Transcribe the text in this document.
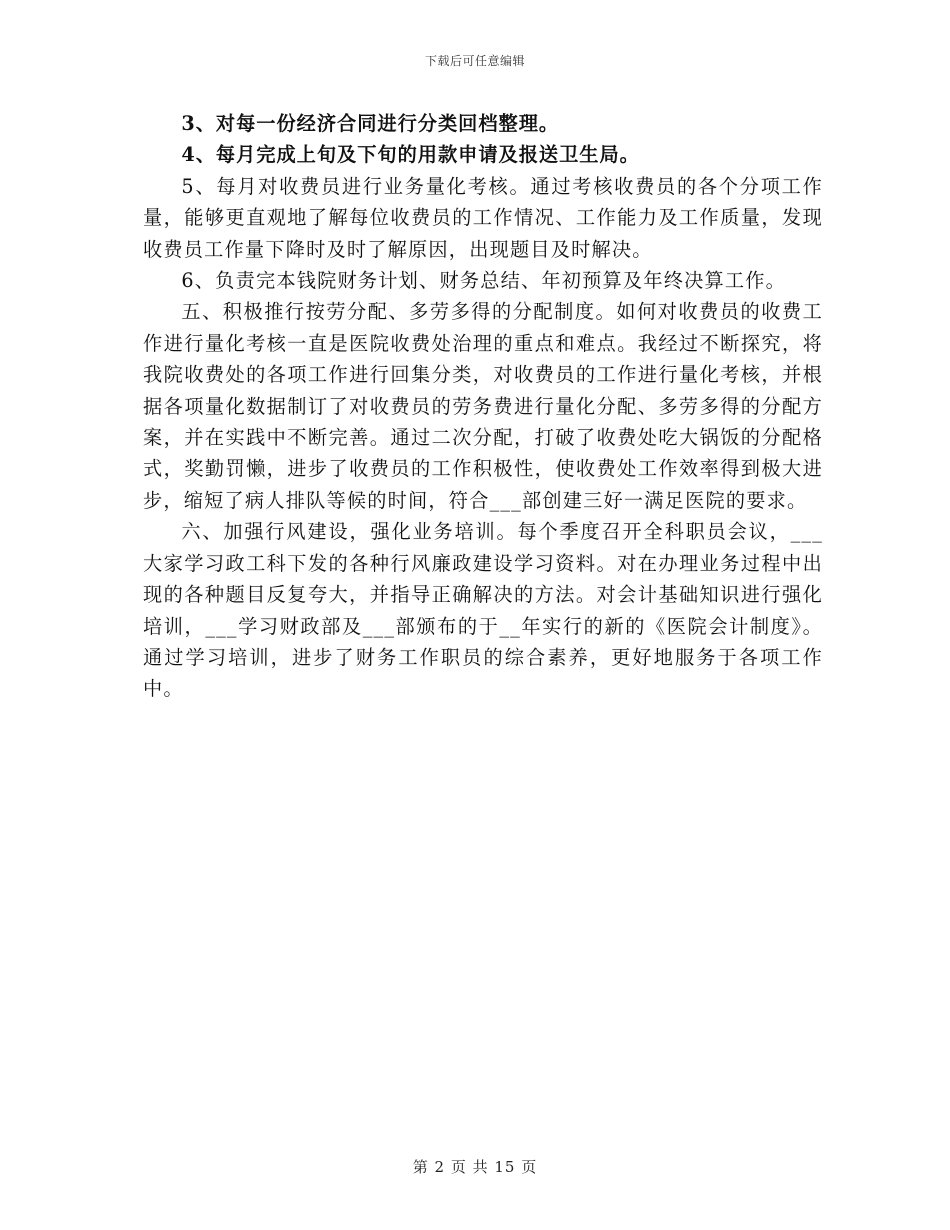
下载后可任意编辑

3、对每一份经济合同进行分类回档整理。

4、每月完成上旬及下旬的用款申请及报送卫生局。

5、每月对收费员进行业务量化考核。通过考核收费员的各个分项工作量，能够更直观地了解每位收费员的工作情况、工作能力及工作质量，发现收费员工作量下降时及时了解原因，出现题目及时解决。

6、负责完本钱院财务计划、财务总结、年初预算及年终决算工作。

五、积极推行按劳分配、多劳多得的分配制度。如何对收费员的收费工作进行量化考核一直是医院收费处治理的重点和难点。我经过不断探究，将我院收费处的各项工作进行回集分类，对收费员的工作进行量化考核，并根据各项量化数据制订了对收费员的劳务费进行量化分配、多劳多得的分配方案，并在实践中不断完善。通过二次分配，打破了收费处吃大锅饭的分配格式，奖勤罚懒，进步了收费员的工作积极性，使收费处工作效率得到极大进步，缩短了病人排队等候的时间，符合___部创建三好一满足医院的要求。

六、加强行风建设，强化业务培训。每个季度召开全科职员会议，___大家学习政工科下发的各种行风廉政建设学习资料。对在办理业务过程中出现的各种题目反复夸大，并指导正确解决的方法。对会计基础知识进行强化培训，___学习财政部及___部颁布的于__年实行的新的《医院会计制度》。通过学习培训，进步了财务工作职员的综合素养，更好地服务于各项工作中。

第 2 页 共 15 页
